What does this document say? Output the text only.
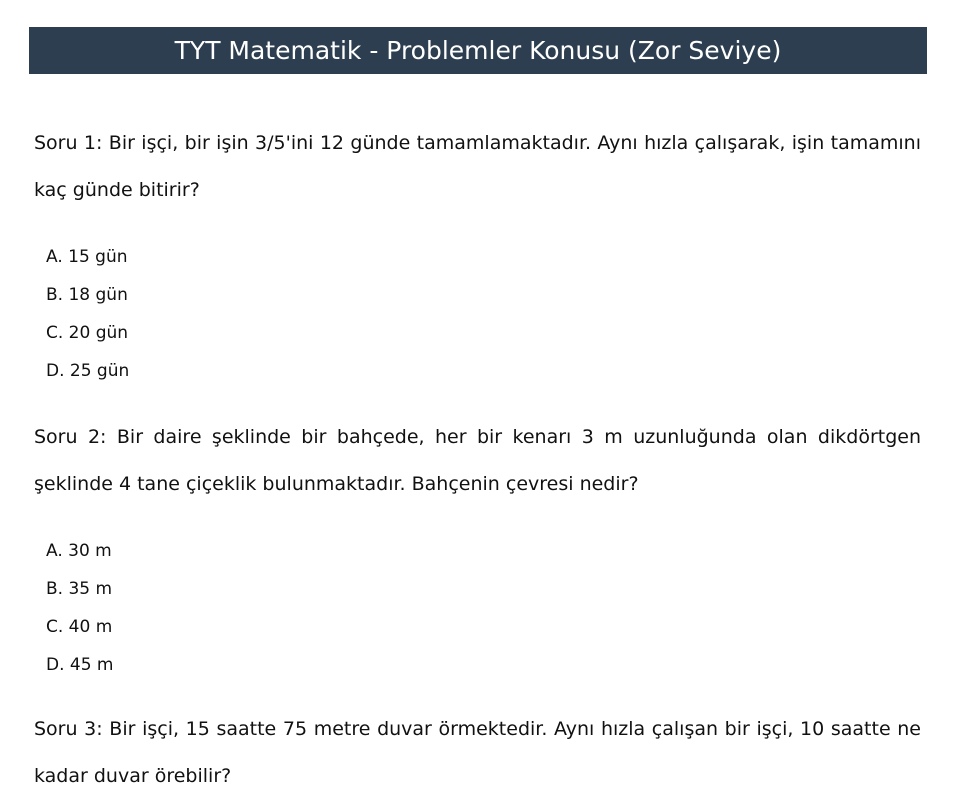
TYT Matematik - Problemler Konusu (Zor Seviye)

Soru 1: Bir işçi, bir işin 3/5'ini 12 günde tamamlamaktadır. Aynı hızla çalışarak, işin tamamını kaç günde bitirir?

A. 15 gün
B. 18 gün
C. 20 gün
D. 25 gün

Soru 2: Bir daire şeklinde bir bahçede, her bir kenarı 3 m uzunluğunda olan dikdörtgen şeklinde 4 tane çiçeklik bulunmaktadır. Bahçenin çevresi nedir?

A. 30 m
B. 35 m
C. 40 m
D. 45 m

Soru 3: Bir işçi, 15 saatte 75 metre duvar örmektedir. Aynı hızla çalışan bir işçi, 10 saatte ne kadar duvar örebilir?
